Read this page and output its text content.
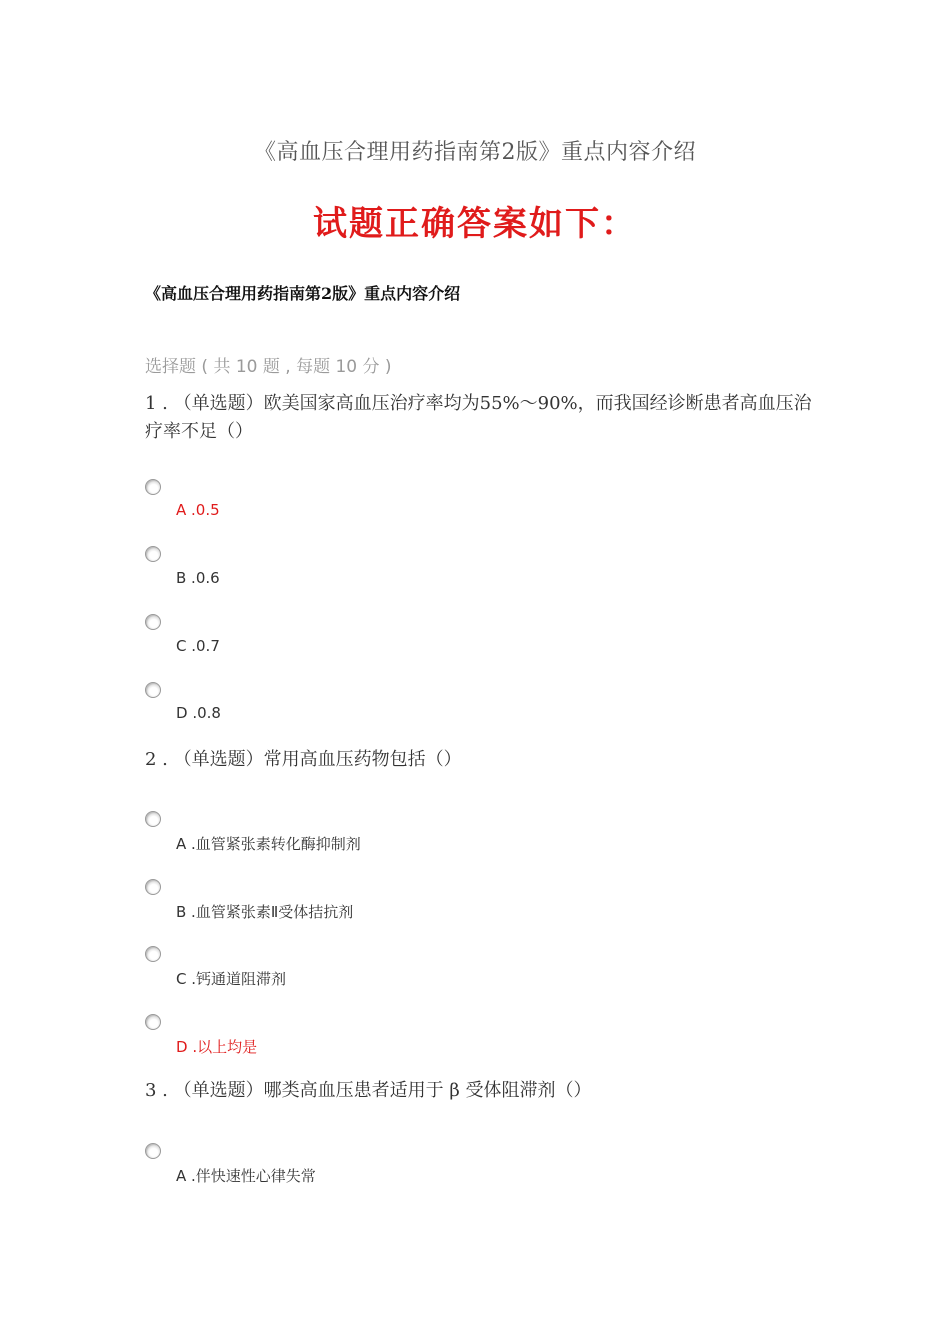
《高血压合理用药指南第2版》重点内容介绍
试题正确答案如下：
《高血压合理用药指南第2版》重点内容介绍
选择题 ( 共 10 题 , 每题 10 分 )
1 . （单选题）欧美国家高血压治疗率均为55%～90%，而我国经诊断患者高血压治疗率不足（）
A .0.5
B .0.6
C .0.7
D .0.8
2 . （单选题）常用高血压药物包括（）
A .血管紧张素转化酶抑制剂
B .血管紧张素Ⅱ受体拮抗剂
C .钙通道阻滞剂
D .以上均是
3 . （单选题）哪类高血压患者适用于 β 受体阻滞剂（）
A .伴快速性心律失常
